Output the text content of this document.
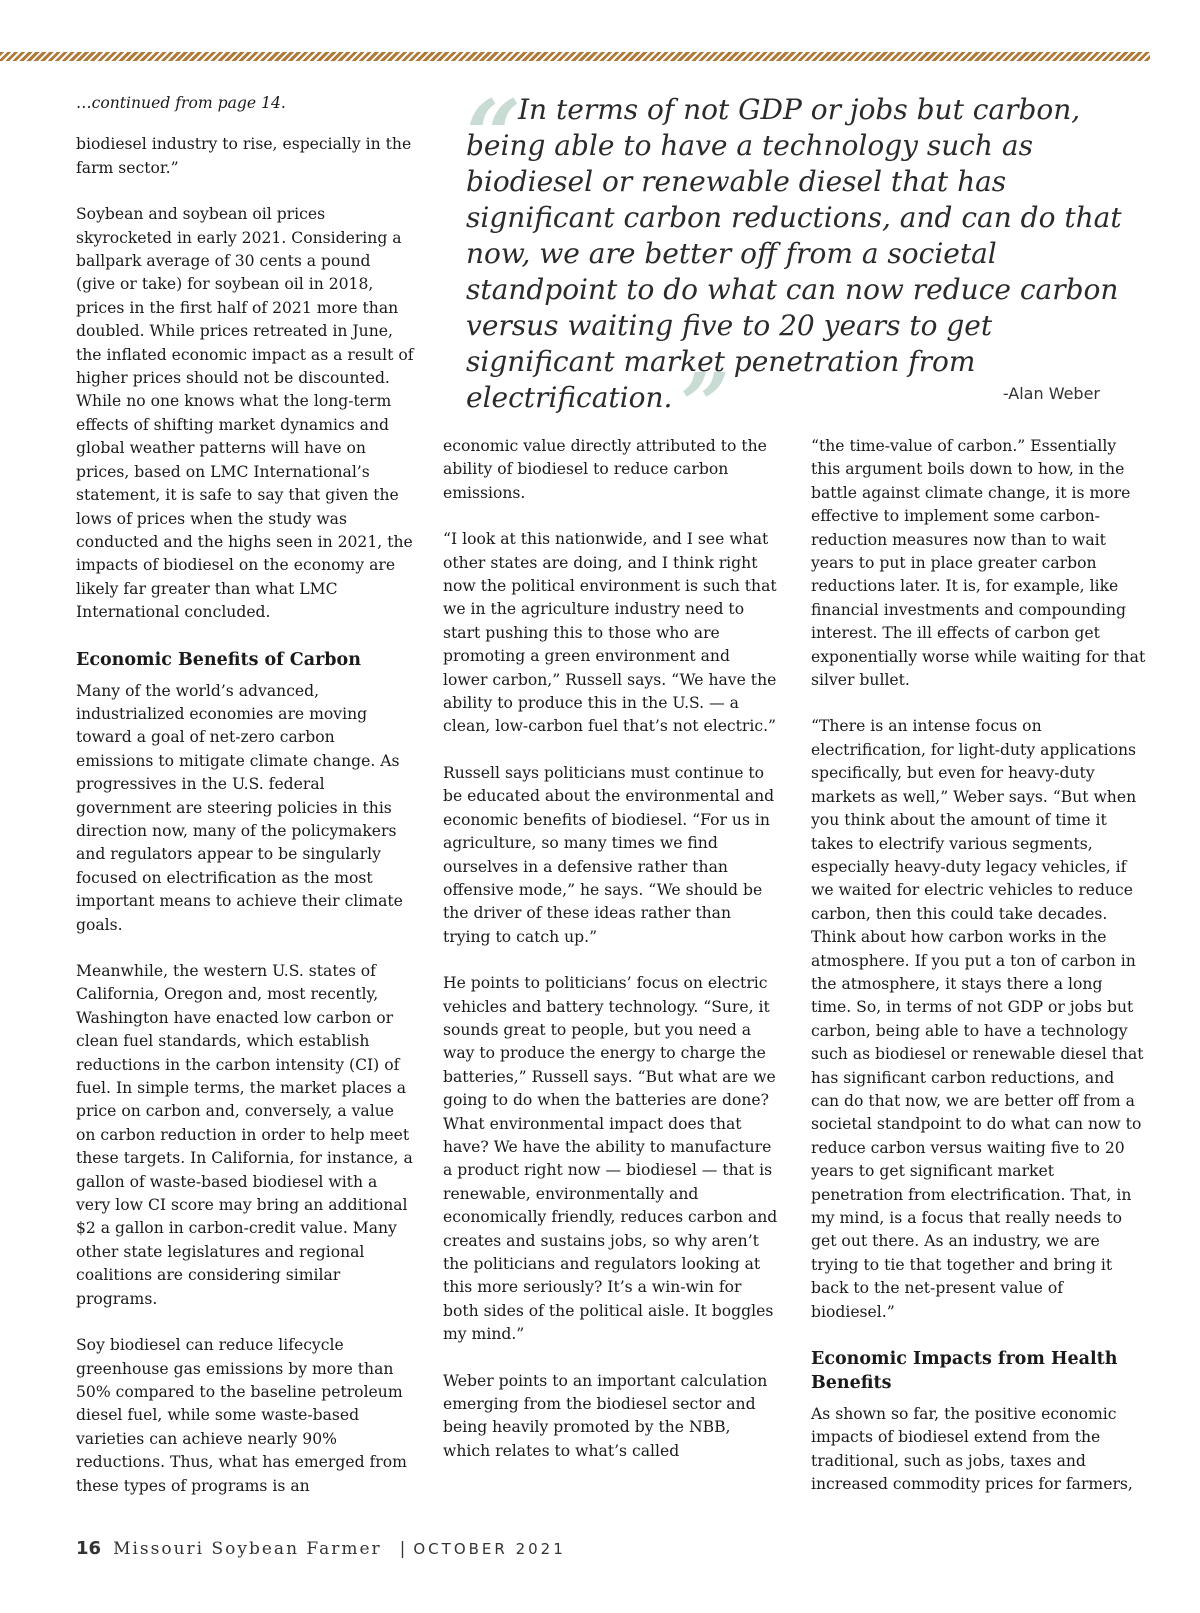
…continued from page 14.

biodiesel industry to rise, especially in the farm sector.”

Soybean and soybean oil prices skyrocketed in early 2021. Considering a ballpark average of 30 cents a pound (give or take) for soybean oil in 2018, prices in the first half of 2021 more than doubled. While prices retreated in June, the inflated economic impact as a result of higher prices should not be discounted. While no one knows what the long-term effects of shifting market dynamics and global weather patterns will have on prices, based on LMC International’s statement, it is safe to say that given the lows of prices when the study was conducted and the highs seen in 2021, the impacts of biodiesel on the economy are likely far greater than what LMC International concluded.

Economic Benefits of Carbon

Many of the world’s advanced, industrialized economies are moving toward a goal of net-zero carbon emissions to mitigate climate change. As progressives in the U.S. federal government are steering policies in this direction now, many of the policymakers and regulators appear to be singularly focused on electrification as the most important means to achieve their climate goals.

Meanwhile, the western U.S. states of California, Oregon and, most recently, Washington have enacted low carbon or clean fuel standards, which establish reductions in the carbon intensity (CI) of fuel. In simple terms, the market places a price on carbon and, conversely, a value on carbon reduction in order to help meet these targets. In California, for instance, a gallon of waste-based biodiesel with a very low CI score may bring an additional $2 a gallon in carbon-credit value. Many other state legislatures and regional coalitions are considering similar programs.

Soy biodiesel can reduce lifecycle greenhouse gas emissions by more than 50% compared to the baseline petroleum diesel fuel, while some waste-based varieties can achieve nearly 90% reductions. Thus, what has emerged from these types of programs is an

“
In terms of not GDP or jobs but carbon, being able to have a technology such as biodiesel or renewable diesel that has significant carbon reductions, and can do that now, we are better off from a societal standpoint to do what can now reduce carbon versus waiting five to 20 years to get significant market penetration from electrification.”	-Alan Weber

economic value directly attributed to the ability of biodiesel to reduce carbon emissions.

“I look at this nationwide, and I see what other states are doing, and I think right now the political environment is such that we in the agriculture industry need to start pushing this to those who are promoting a green environment and lower carbon,” Russell says. “We have the ability to produce this in the U.S. — a clean, low-carbon fuel that’s not electric.”

Russell says politicians must continue to be educated about the environmental and economic benefits of biodiesel. “For us in agriculture, so many times we find ourselves in a defensive rather than offensive mode,” he says. “We should be the driver of these ideas rather than trying to catch up.”

He points to politicians’ focus on electric vehicles and battery technology. “Sure, it sounds great to people, but you need a way to produce the energy to charge the batteries,” Russell says. “But what are we going to do when the batteries are done? What environmental impact does that have? We have the ability to manufacture a product right now — biodiesel — that is renewable, environmentally and economically friendly, reduces carbon and creates and sustains jobs, so why aren’t the politicians and regulators looking at this more seriously? It’s a win-win for both sides of the political aisle. It boggles my mind.”

Weber points to an important calculation emerging from the biodiesel sector and being heavily promoted by the NBB, which relates to what’s called

“the time-value of carbon.” Essentially this argument boils down to how, in the battle against climate change, it is more effective to implement some carbon-reduction measures now than to wait years to put in place greater carbon reductions later. It is, for example, like financial investments and compounding interest. The ill effects of carbon get exponentially worse while waiting for that silver bullet.

“There is an intense focus on electrification, for light-duty applications specifically, but even for heavy-duty markets as well,” Weber says. “But when you think about the amount of time it takes to electrify various segments, especially heavy-duty legacy vehicles, if we waited for electric vehicles to reduce carbon, then this could take decades. Think about how carbon works in the atmosphere. If you put a ton of carbon in the atmosphere, it stays there a long time. So, in terms of not GDP or jobs but carbon, being able to have a technology such as biodiesel or renewable diesel that has significant carbon reductions, and can do that now, we are better off from a societal standpoint to do what can now to reduce carbon versus waiting five to 20 years to get significant market penetration from electrification. That, in my mind, is a focus that really needs to get out there. As an industry, we are trying to tie that together and bring it back to the net-present value of biodiesel.”

Economic Impacts from Health Benefits

As shown so far, the positive economic impacts of biodiesel extend from the traditional, such as jobs, taxes and increased commodity prices for farmers,

16 Missouri Soybean Farmer | OCTOBER 2021
